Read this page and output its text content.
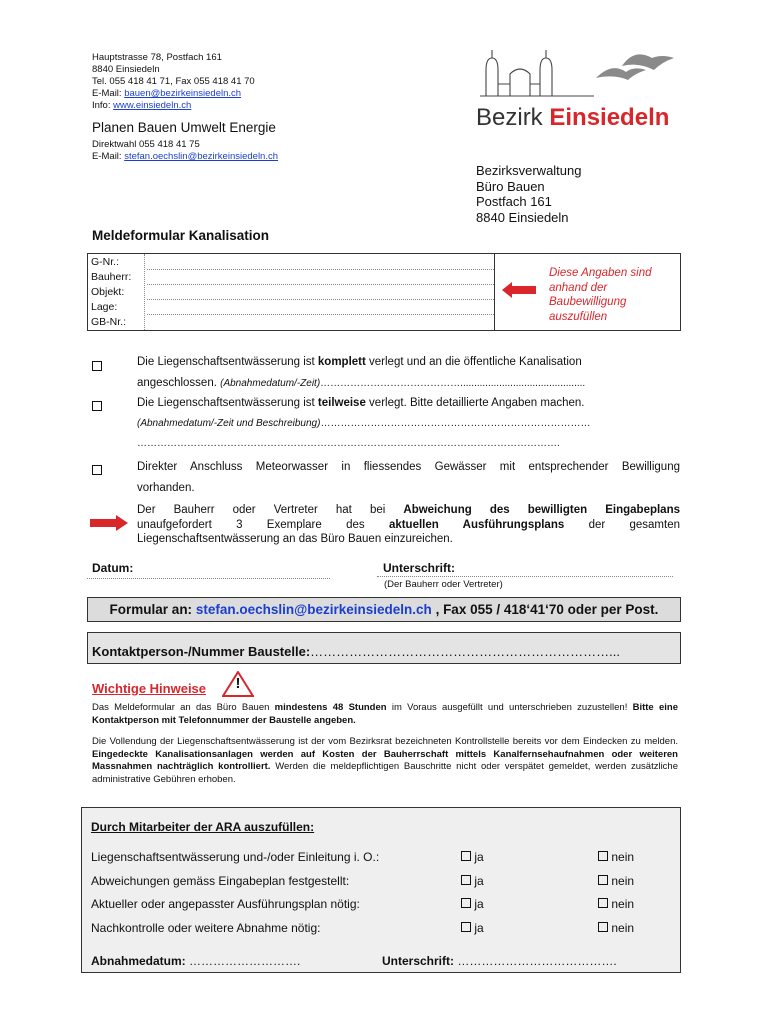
Hauptstrasse 78, Postfach 161
8840 Einsiedeln
Tel. 055 418 41 71, Fax 055 418 41 70
E-Mail: bauen@bezirkeinsiedeln.ch
Info: www.einsiedeln.ch
Planen Bauen Umwelt Energie
Direktwahl 055 418 41 75
E-Mail: stefan.oechslin@bezirkeinsiedeln.ch
Bezirk Einsiedeln
Bezirksverwaltung
Büro Bauen
Postfach 161
8840 Einsiedeln
Meldeformular Kanalisation
G-Nr.:
Bauherr:
Objekt:
Lage:
GB-Nr.:
Diese Angaben sind anhand der Baubewilligung auszufüllen
Die Liegenschaftsentwässerung ist komplett verlegt und an die öffentliche Kanalisation
angeschlossen. (Abnahmedatum/-Zeit)…………………………………….............................................
Die Liegenschaftsentwässerung ist teilweise verlegt. Bitte detaillierte Angaben machen.
(Abnahmedatum/-Zeit und Beschreibung)………………………………………………………………………
……………………………………………………………………………………………………………….
Direkter Anschluss Meteorwasser in fliessendes Gewässer mit entsprechender Bewilligung
vorhanden.
Der Bauherr oder Vertreter hat bei Abweichung des bewilligten Eingabeplans
unaufgefordert 3 Exemplare des aktuellen Ausführungsplans der gesamten
Liegenschaftsentwässerung an das Büro Bauen einzureichen.
Datum:	Unterschrift:
(Der Bauherr oder Vertreter)
Formular an: stefan.oechslin@bezirkeinsiedeln.ch , Fax 055 / 418‘41‘70 oder per Post.
Kontaktperson-/Nummer Baustelle:……………………………………………………………...
Wichtige Hinweise	!
Das Meldeformular an das Büro Bauen mindestens 48 Stunden im Voraus ausgefüllt und unterschrieben zuzustellen! Bitte eine Kontaktperson mit Telefonnummer der Baustelle angeben.
Die Vollendung der Liegenschaftsentwässerung ist der vom Bezirksrat bezeichneten Kontrollstelle bereits vor dem Eindecken zu melden. Eingedeckte Kanalisationsanlagen werden auf Kosten der Bauherrschaft mittels Kanalfernsehaufnahmen oder weiteren Massnahmen nachträglich kontrolliert. Werden die meldepflichtigen Bauschritte nicht oder verspätet gemeldet, werden zusätzliche administrative Gebühren erhoben.
Durch Mitarbeiter der ARA auszufüllen:
Liegenschaftsentwässerung und-/oder Einleitung i. O.:	ja	nein
Abweichungen gemäss Eingabeplan festgestellt:	ja	nein
Aktueller oder angepasster Ausführungsplan nötig:	ja	nein
Nachkontrolle oder weitere Abnahme nötig:	ja	nein
Abnahmedatum: ……………………….	Unterschrift: ………………………………….
